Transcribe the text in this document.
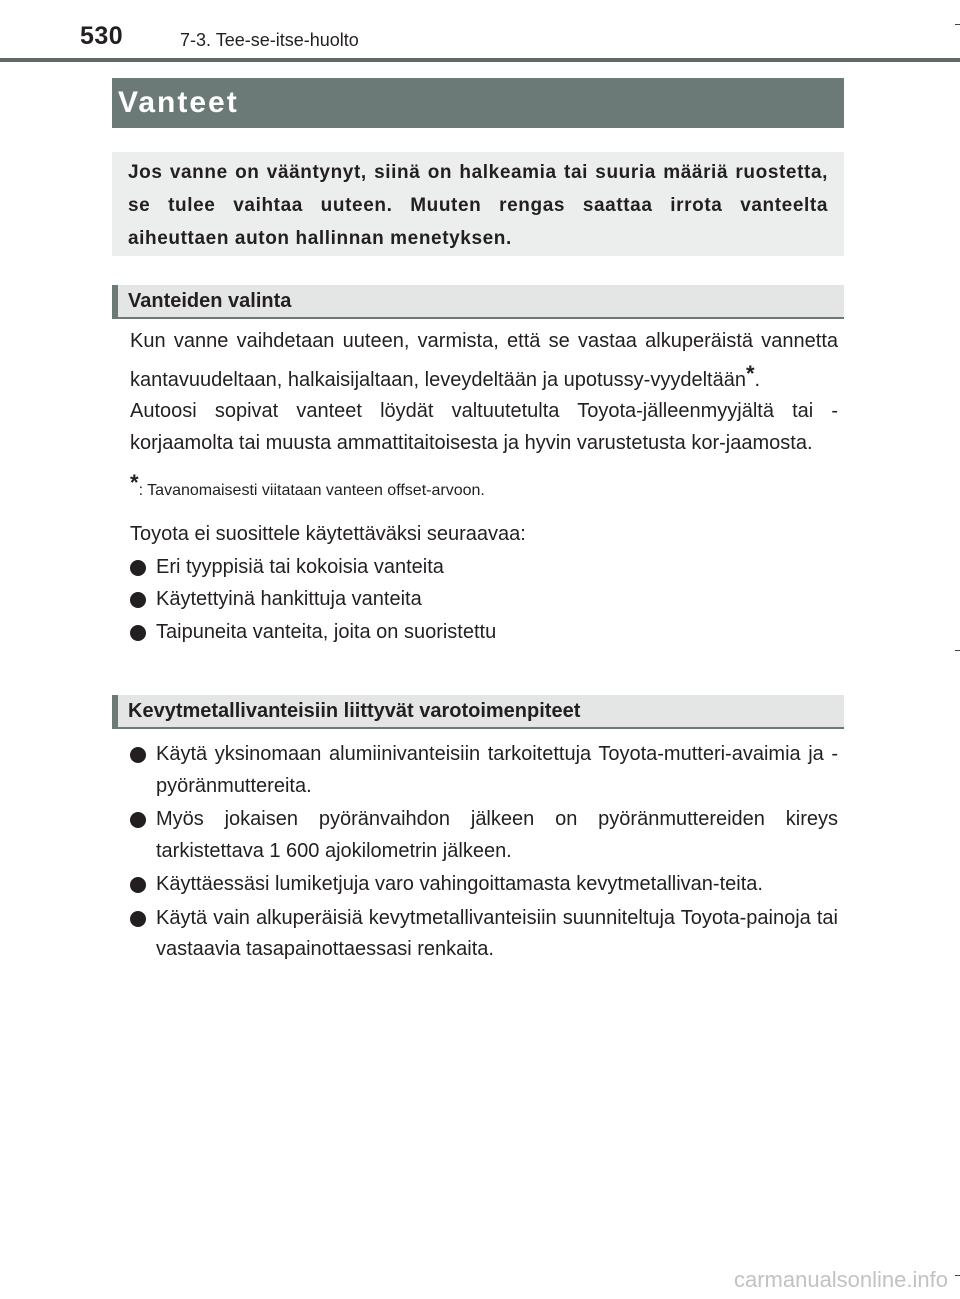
530	7-3. Tee-se-itse-huolto
Vanteet

Jos vanne on vääntynyt, siinä on halkeamia tai suuria määriä ruostetta, se tulee vaihtaa uuteen. Muuten rengas saattaa irrota vanteelta aiheuttaen auton hallinnan menetyksen.

Vanteiden valinta

Kun vanne vaihdetaan uuteen, varmista, että se vastaa alkuperäistä vannetta kantavuudeltaan, halkaisijaltaan, leveydeltään ja upotussy-vyydeltään*.

Autoosi sopivat vanteet löydät valtuutetulta Toyota-jälleenmyyjältä tai -korjaamolta tai muusta ammattitaitoisesta ja hyvin varustetusta kor-jaamosta.

*: Tavanomaisesti viitataan vanteen offset-arvoon.

Toyota ei suosittele käytettäväksi seuraavaa:

Eri tyyppisiä tai kokoisia vanteita
Käytettyinä hankittuja vanteita
Taipuneita vanteita, joita on suoristettu
Kevytmetallivanteisiin liittyvät varotoimenpiteet
Käytä yksinomaan alumiinivanteisiin tarkoitettuja Toyota-mutteri-avaimia ja -pyöränmuttereita.
Myös jokaisen pyöränvaihdon jälkeen on pyöränmuttereiden kireys tarkistettava 1 600 ajokilometrin jälkeen.
Käyttäessäsi lumiketjuja varo vahingoittamasta kevytmetallivan-teita.
Käytä vain alkuperäisiä kevytmetallivanteisiin suunniteltuja Toyota-painoja tai vastaavia tasapainottaessasi renkaita.
carmanualsonline.info
